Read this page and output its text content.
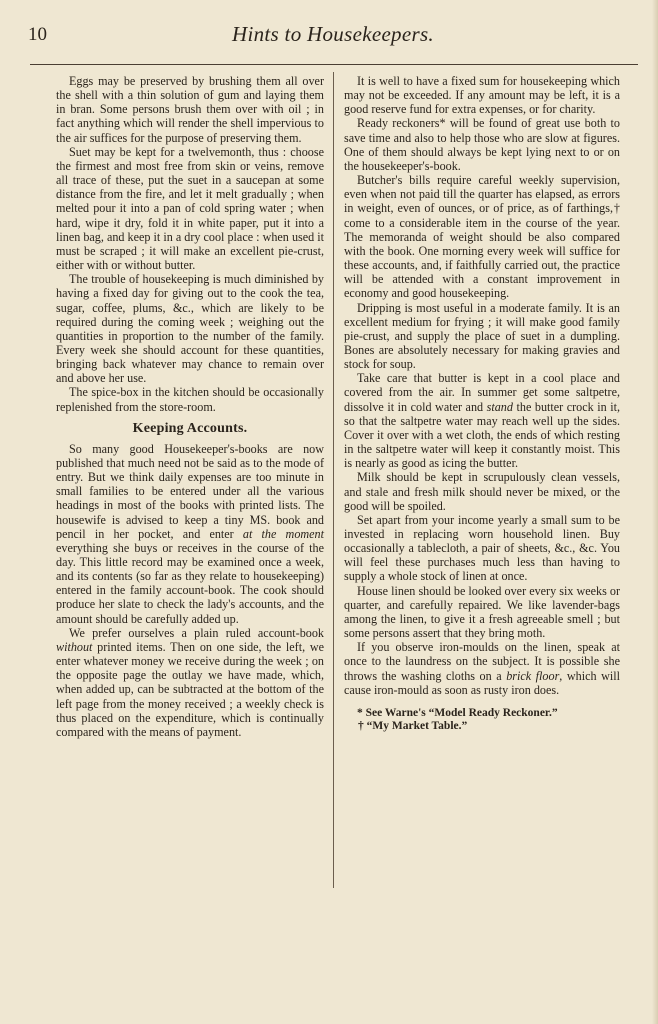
10	Hints to Housekeepers.

Eggs may be preserved by brushing them all over the shell with a thin solution of gum and laying them in bran. Some persons brush them over with oil ; in fact anything which will render the shell impervious to the air suffices for the purpose of preserving them.

Suet may be kept for a twelvemonth, thus : choose the firmest and most free from skin or veins, remove all trace of these, put the suet in a saucepan at some distance from the fire, and let it melt gradually ; when melted pour it into a pan of cold spring water ; when hard, wipe it dry, fold it in white paper, put it into a linen bag, and keep it in a dry cool place : when used it must be scraped ; it will make an excellent pie-crust, either with or without butter.

The trouble of housekeeping is much diminished by having a fixed day for giving out to the cook the tea, sugar, coffee, plums, &c., which are likely to be required during the coming week ; weighing out the quantities in proportion to the number of the family. Every week she should account for these quantities, bringing back whatever may chance to remain over and above her use.

The spice-box in the kitchen should be occasionally replenished from the store-room.

Keeping Accounts.

So many good Housekeeper's-books are now published that much need not be said as to the mode of entry. But we think daily expenses are too minute in small families to be entered under all the various headings in most of the books with printed lists. The housewife is advised to keep a tiny MS. book and pencil in her pocket, and enter at the moment everything she buys or receives in the course of the day. This little record may be examined once a week, and its contents (so far as they relate to housekeeping) entered in the family account-book. The cook should produce her slate to check the lady's accounts, and the amount should be carefully added up.

We prefer ourselves a plain ruled account-book without printed items. Then on one side, the left, we enter whatever money we receive during the week ; on the opposite page the outlay we have made, which, when added up, can be subtracted at the bottom of the left page from the money received ; a weekly check is thus placed on the expenditure, which is continually compared with the means of payment.

It is well to have a fixed sum for housekeeping which may not be exceeded. If any amount may be left, it is a good reserve fund for extra expenses, or for charity.

Ready reckoners* will be found of great use both to save time and also to help those who are slow at figures. One of them should always be kept lying next to or on the housekeeper's-book.

Butcher's bills require careful weekly supervision, even when not paid till the quarter has elapsed, as errors in weight, even of ounces, or of price, as of farthings,† come to a considerable item in the course of the year. The memoranda of weight should be also compared with the book. One morning every week will suffice for these accounts, and, if faithfully carried out, the practice will be attended with a constant improvement in economy and good housekeeping.

Dripping is most useful in a moderate family. It is an excellent medium for frying ; it will make good family pie-crust, and supply the place of suet in a dumpling. Bones are absolutely necessary for making gravies and stock for soup.

Take care that butter is kept in a cool place and covered from the air. In summer get some saltpetre, dissolve it in cold water and stand the butter crock in it, so that the saltpetre water may reach well up the sides. Cover it over with a wet cloth, the ends of which resting in the saltpetre water will keep it constantly moist. This is nearly as good as icing the butter.

Milk should be kept in scrupulously clean vessels, and stale and fresh milk should never be mixed, or the good will be spoiled.

Set apart from your income yearly a small sum to be invested in replacing worn household linen. Buy occasionally a tablecloth, a pair of sheets, &c., &c. You will feel these purchases much less than having to supply a whole stock of linen at once.

House linen should be looked over every six weeks or quarter, and carefully repaired. We like lavender-bags among the linen, to give it a fresh agreeable smell ; but some persons assert that they bring moth.

If you observe iron-moulds on the linen, speak at once to the laundress on the subject. It is possible she throws the washing cloths on a brick floor, which will cause iron-mould as soon as rusty iron does.

* See Warne's “Model Ready Reckoner.”

† “My Market Table.”
